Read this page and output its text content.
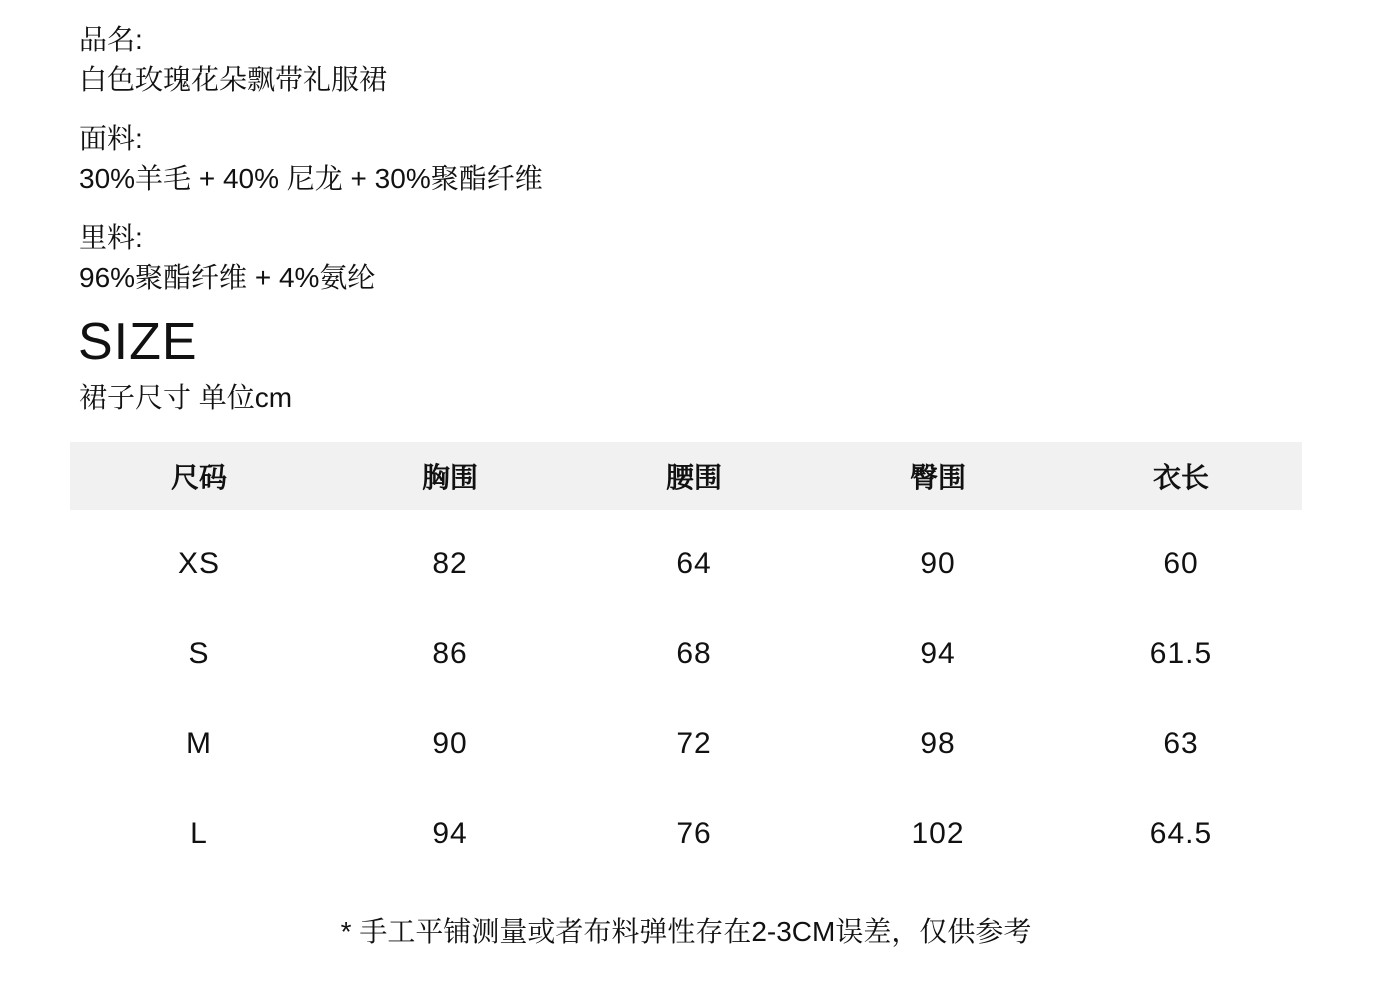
品名:
白色玫瑰花朵飘带礼服裙
面料:
30%羊毛 + 40% 尼龙 + 30%聚酯纤维
里料:
96%聚酯纤维 + 4%氨纶
SIZE
裙子尺寸 单位cm
尺码	胸围	腰围	臀围	衣长
XS	82	64	90	60
S	86	68	94	61.5
M	90	72	98	63
L	94	76	102	64.5
* 手工平铺测量或者布料弹性存在2-3CM误差，仅供参考
